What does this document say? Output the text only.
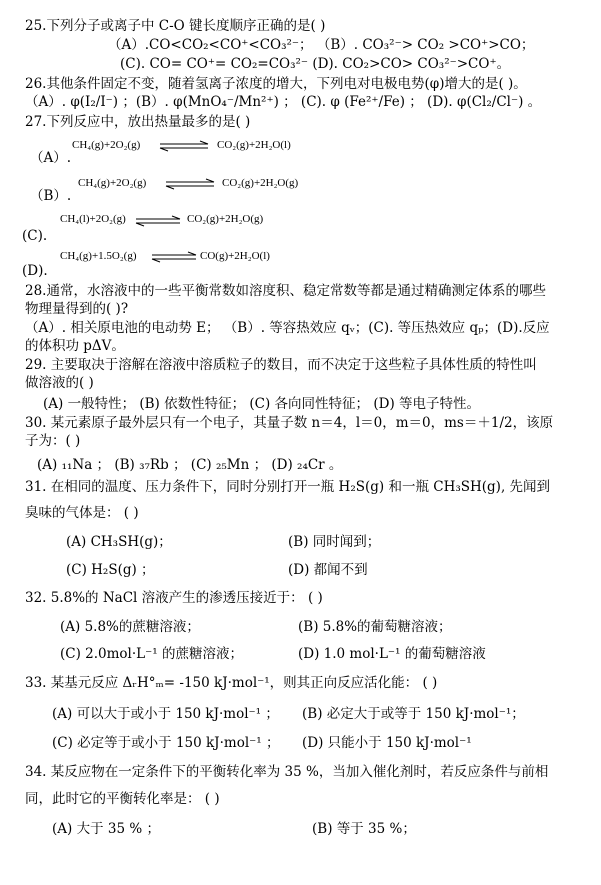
25.下列分子或离子中 C-O 键长度顺序正确的是( )
（A）.CO<CO₂<CO⁺<CO₃²⁻； （B）. CO₃²⁻> CO₂ >CO⁺>CO；
(C). CO= CO⁺= CO₂=CO₃²⁻ (D). CO₂>CO> CO₃²⁻>CO⁺。
26.其他条件固定不变，随着氢离子浓度的增大，下列电对电极电势(φ)增大的是( )。
（A）. φ(I₂/I⁻) ；(B）. φ(MnO₄⁻/Mn²⁺) ； (C). φ (Fe²⁺/Fe) ； (D). φ(Cl₂/Cl⁻) 。
27.下列反应中，放出热量最多的是( )
（A）.
CH₄(g)+2O₂(g) ⇌ CO₂(g)+2H₂O(l)
（B）.
CH₄(g)+2O₂(g) ⇌ CO₂(g)+2H₂O(g)
(C).
CH₄(l)+2O₂(g) ⇌ CO₂(g)+2H₂O(g)
(D).
CH₄(g)+1.5O₂(g) ⇌ CO(g)+2H₂O(l)
28.通常，水溶液中的一些平衡常数如溶度积、稳定常数等都是通过精确测定体系的哪些
物理量得到的( )?
（A）. 相关原电池的电动势 E； （B）. 等容热效应 qᵥ；(C). 等压热效应 qₚ；(D).反应
的体积功 pΔV。
29. 主要取决于溶解在溶液中溶质粒子的数目，而不决定于这些粒子具体性质的特性叫
做溶液的( )
(A) 一般特性； (B) 依数性特征； (C) 各向同性特征； (D) 等电子特性。
30. 某元素原子最外层只有一个电子，其量子数 n＝4，l＝0，m＝0，ms＝＋1/2，该原
子为：( )
(A) ₁₁Na ； (B) ₃₇Rb ； (C) ₂₅Mn ； (D) ₂₄Cr 。
31. 在相同的温度、压力条件下，同时分别打开一瓶 H₂S(g) 和一瓶 CH₃SH(g), 先闻到
臭味的气体是： ( )
(A) CH₃SH(g)；	(B) 同时闻到；
(C) H₂S(g) ；	(D) 都闻不到
32. 5.8%的 NaCl 溶液产生的渗透压接近于： ( )
(A) 5.8%的蔗糖溶液；	(B) 5.8%的葡萄糖溶液；
(C) 2.0mol·L⁻¹ 的蔗糖溶液；	(D) 1.0 mol·L⁻¹ 的葡萄糖溶液
33. 某基元反应 ΔᵣH°ₘ= -150 kJ·mol⁻¹，则其正向反应活化能： ( )
(A) 可以大于或小于 150 kJ·mol⁻¹ ； (B) 必定大于或等于 150 kJ·mol⁻¹；
(C) 必定等于或小于 150 kJ·mol⁻¹ ； (D) 只能小于 150 kJ·mol⁻¹
34. 某反应物在一定条件下的平衡转化率为 35 %，当加入催化剂时，若反应条件与前相
同，此时它的平衡转化率是： ( )
(A) 大于 35 % ；	(B) 等于 35 %；
